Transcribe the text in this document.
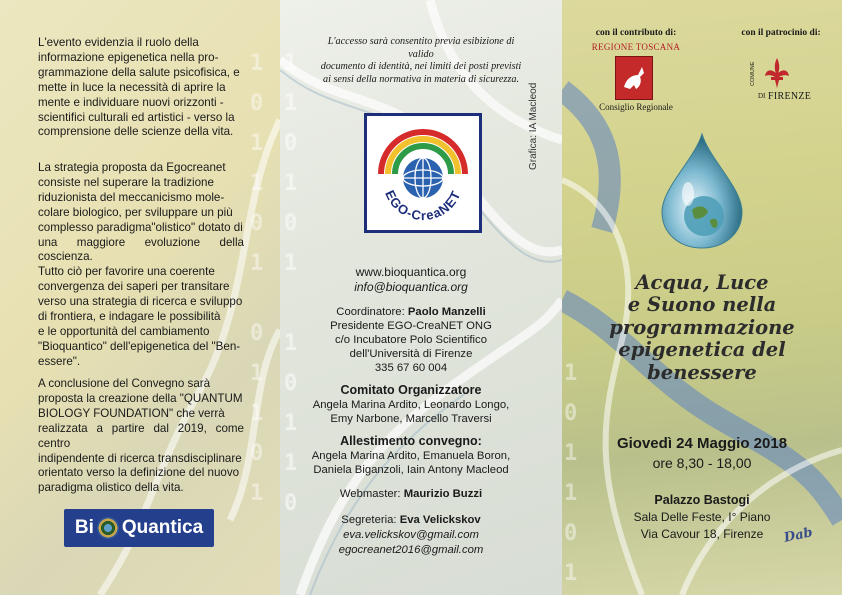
1
0
1
1
0
1
0
1
1
0
1
L'evento evidenzia il ruolo della
informazione epigenetica nella pro-
grammazione della salute psicofisica, e
mette in luce la necessità di aprire la
mente e individuare nuovi orizzonti -
scientifici culturali ed artistici - verso la
comprensione delle scienze della vita.
La strategia proposta da Egocreanet
consiste nel superare la tradizione
riduzionista del meccanicismo mole-
colare biologico, per sviluppare un più
complesso paradigma"olistico" dotato di
una maggiore evoluzione della coscienza.
Tutto ciò per favorire una coerente
convergenza dei saperi per transitare
verso una strategia di ricerca e sviluppo
di frontiera, e indagare le possibilità
e le opportunità del cambiamento
"Bioquantico" dell'epigenetica del "Ben-
essere".
A conclusione del Convegno sarà
proposta la creazione della "QUANTUM
BIOLOGY FOUNDATION" che verrà
realizzata a partire dal 2019, come centro
indipendente di ricerca transdisciplinare
orientato verso la definizione del nuovo
paradigma olistico della vita.
Bi Quantica
1
1
0
1
0
1
1
0
1
1
0
L'accesso sarà consentito previa esibizione di valido
documento di identità, nei limiti dei posti previsti
ai sensi della normativa in materia di sicurezza.
EGO-CreaNET
www.bioquantica.org
info@bioquantica.org
Coordinatore: Paolo Manzelli
Presidente EGO-CreaNET ONG
c/o Incubatore Polo Scientifico
dell'Università di Firenze
335 67 60 004
Comitato Organizzatore
Angela Marina Ardito, Leonardo Longo,
Emy Narbone, Marcello Traversi
Allestimento convegno:
Angela Marina Ardito, Emanuela Boron,
Daniela Biganzoli, Iain Antony Macleod
Webmaster: Maurizio Buzzi
Segreteria: Eva Velickskov
eva.velickskov@gmail.com
egocreanet2016@gmail.com
Grafica: IA Macleod
1
0
1
1
0
1
con il contributo di:	con il patrocinio di:
REGIONE TOSCANA
Consiglio Regionale
COMUNE
DI FIRENZE
Acqua, Luce
e Suono nella
programmazione
epigenetica del
benessere
Giovedì 24 Maggio 2018
ore 8,30 - 18,00
Palazzo Bastogi
Sala Delle Feste, I° Piano
Via Cavour 18, Firenze	Dab
